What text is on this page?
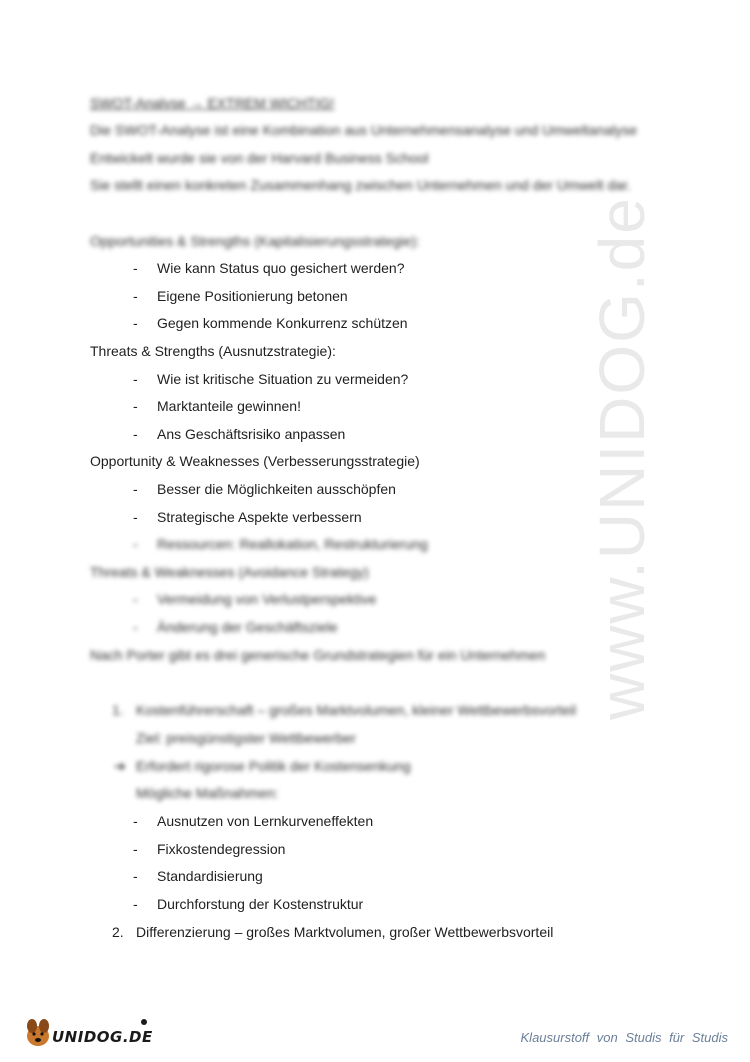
www.UNIDOG.de
SWOT-Analyse → EXTREM WICHTIG!
Die SWOT-Analyse ist eine Kombination aus Unternehmensanalyse und Umweltanalyse
Entwickelt wurde sie von der Harvard Business School
Sie stellt einen konkreten Zusammenhang zwischen Unternehmen und der Umwelt dar.
Opportunities & Strengths (Kapitalisierungsstrategie):
- Wie kann Status quo gesichert werden?
- Eigene Positionierung betonen
- Gegen kommende Konkurrenz schützen
Threats & Strengths (Ausnutzstrategie):
- Wie ist kritische Situation zu vermeiden?
- Marktanteile gewinnen!
- Ans Geschäftsrisiko anpassen
Opportunity & Weaknesses (Verbesserungsstrategie)
- Besser die Möglichkeiten ausschöpfen
- Strategische Aspekte verbessern
- Ressourcen: Reallokation, Restrukturierung
Threats & Weaknesses (Avoidance Strategy)
- Vermeidung von Verlustperspektive
- Änderung der Geschäftsziele
Nach Porter gibt es drei generische Grundstrategien für ein Unternehmen
1. Kostenführerschaft – großes Marktvolumen, kleiner Wettbewerbsvorteil
Ziel: preisgünstigster Wettbewerber
➔ Erfordert rigorose Politik der Kostensenkung
Mögliche Maßnahmen:
- Ausnutzen von Lernkurveneffekten
- Fixkostendegression
- Standardisierung
- Durchforstung der Kostenstruktur
2. Differenzierung – großes Marktvolumen, großer Wettbewerbsvorteil
UNIDOG.DE	Klausurstoff von Studis für Studis
